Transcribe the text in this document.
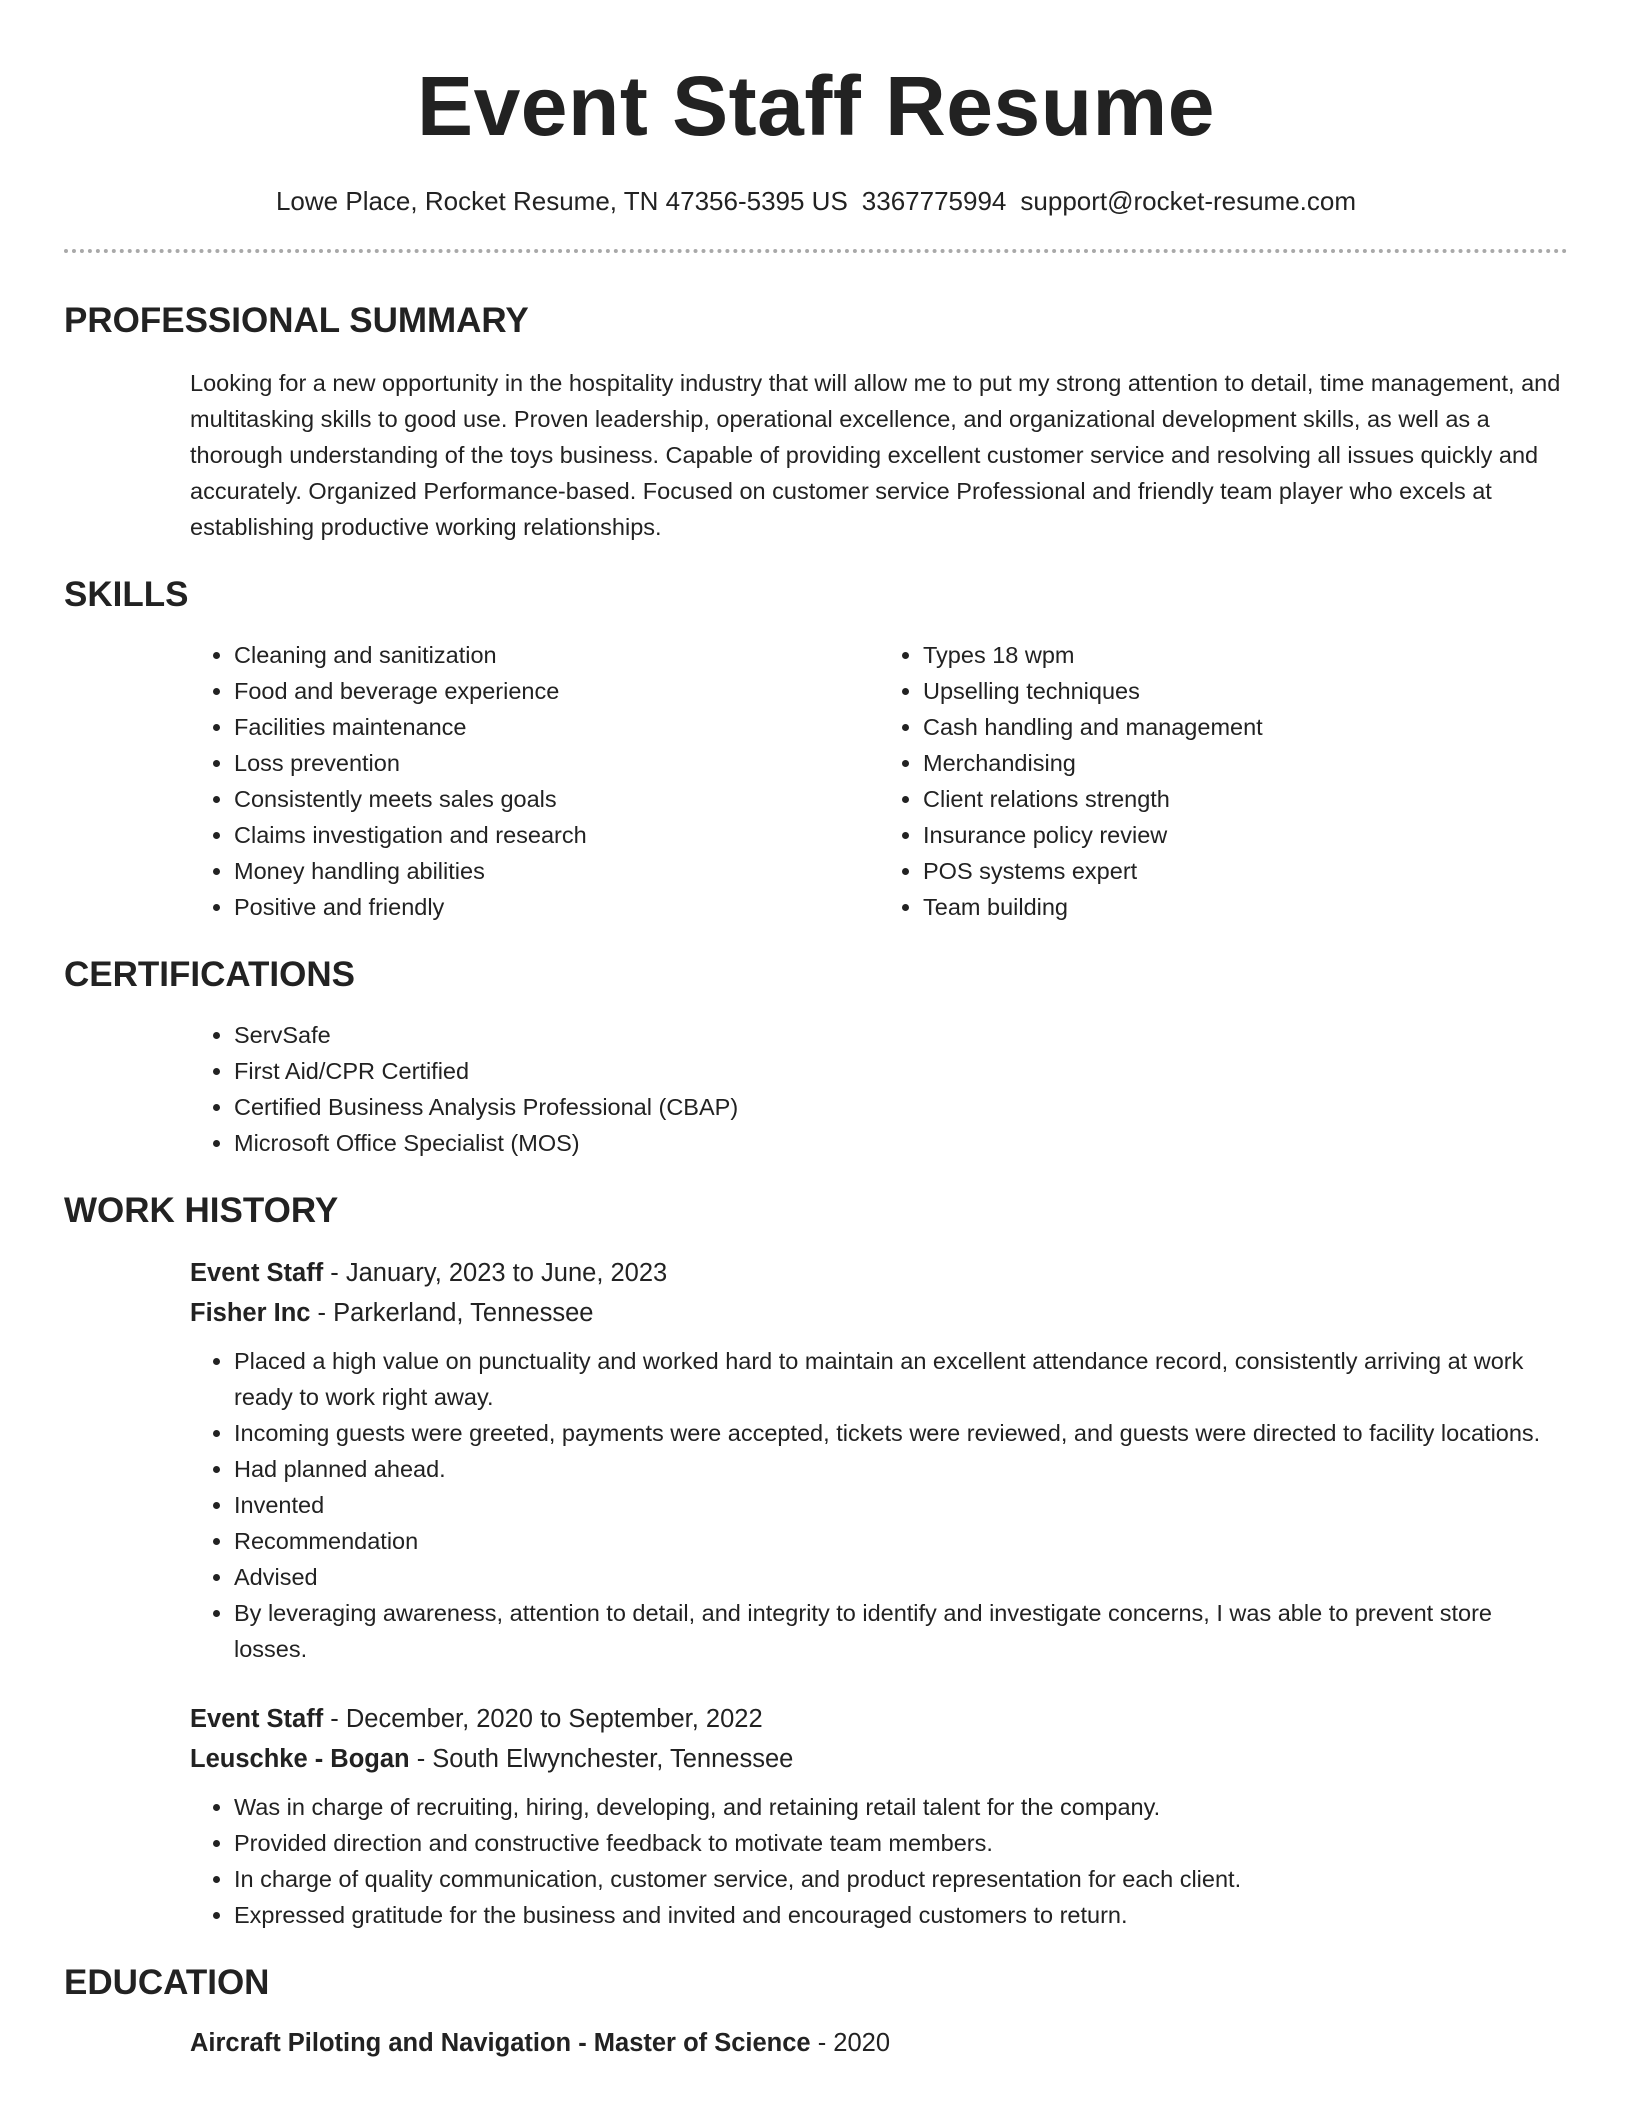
Event Staff Resume
Lowe Place, Rocket Resume, TN 47356-5395 US 3367775994 support@rocket-resume.com
PROFESSIONAL SUMMARY
Looking for a new opportunity in the hospitality industry that will allow me to put my strong attention to detail, time management, and multitasking skills to good use. Proven leadership, operational excellence, and organizational development skills, as well as a thorough understanding of the toys business. Capable of providing excellent customer service and resolving all issues quickly and accurately. Organized Performance-based. Focused on customer service Professional and friendly team player who excels at establishing productive working relationships.
SKILLS
• Cleaning and sanitization
• Food and beverage experience
• Facilities maintenance
• Loss prevention
• Consistently meets sales goals
• Claims investigation and research
• Money handling abilities
• Positive and friendly
• Types 18 wpm
• Upselling techniques
• Cash handling and management
• Merchandising
• Client relations strength
• Insurance policy review
• POS systems expert
• Team building
CERTIFICATIONS
• ServSafe
• First Aid/CPR Certified
• Certified Business Analysis Professional (CBAP)
• Microsoft Office Specialist (MOS)
WORK HISTORY
Event Staff - January, 2023 to June, 2023
Fisher Inc - Parkerland, Tennessee
• Placed a high value on punctuality and worked hard to maintain an excellent attendance record, consistently arriving at work ready to work right away.
• Incoming guests were greeted, payments were accepted, tickets were reviewed, and guests were directed to facility locations.
• Had planned ahead.
• Invented
• Recommendation
• Advised
• By leveraging awareness, attention to detail, and integrity to identify and investigate concerns, I was able to prevent store losses.
Event Staff - December, 2020 to September, 2022
Leuschke - Bogan - South Elwynchester, Tennessee
• Was in charge of recruiting, hiring, developing, and retaining retail talent for the company.
• Provided direction and constructive feedback to motivate team members.
• In charge of quality communication, customer service, and product representation for each client.
• Expressed gratitude for the business and invited and encouraged customers to return.
EDUCATION
Aircraft Piloting and Navigation - Master of Science - 2020
